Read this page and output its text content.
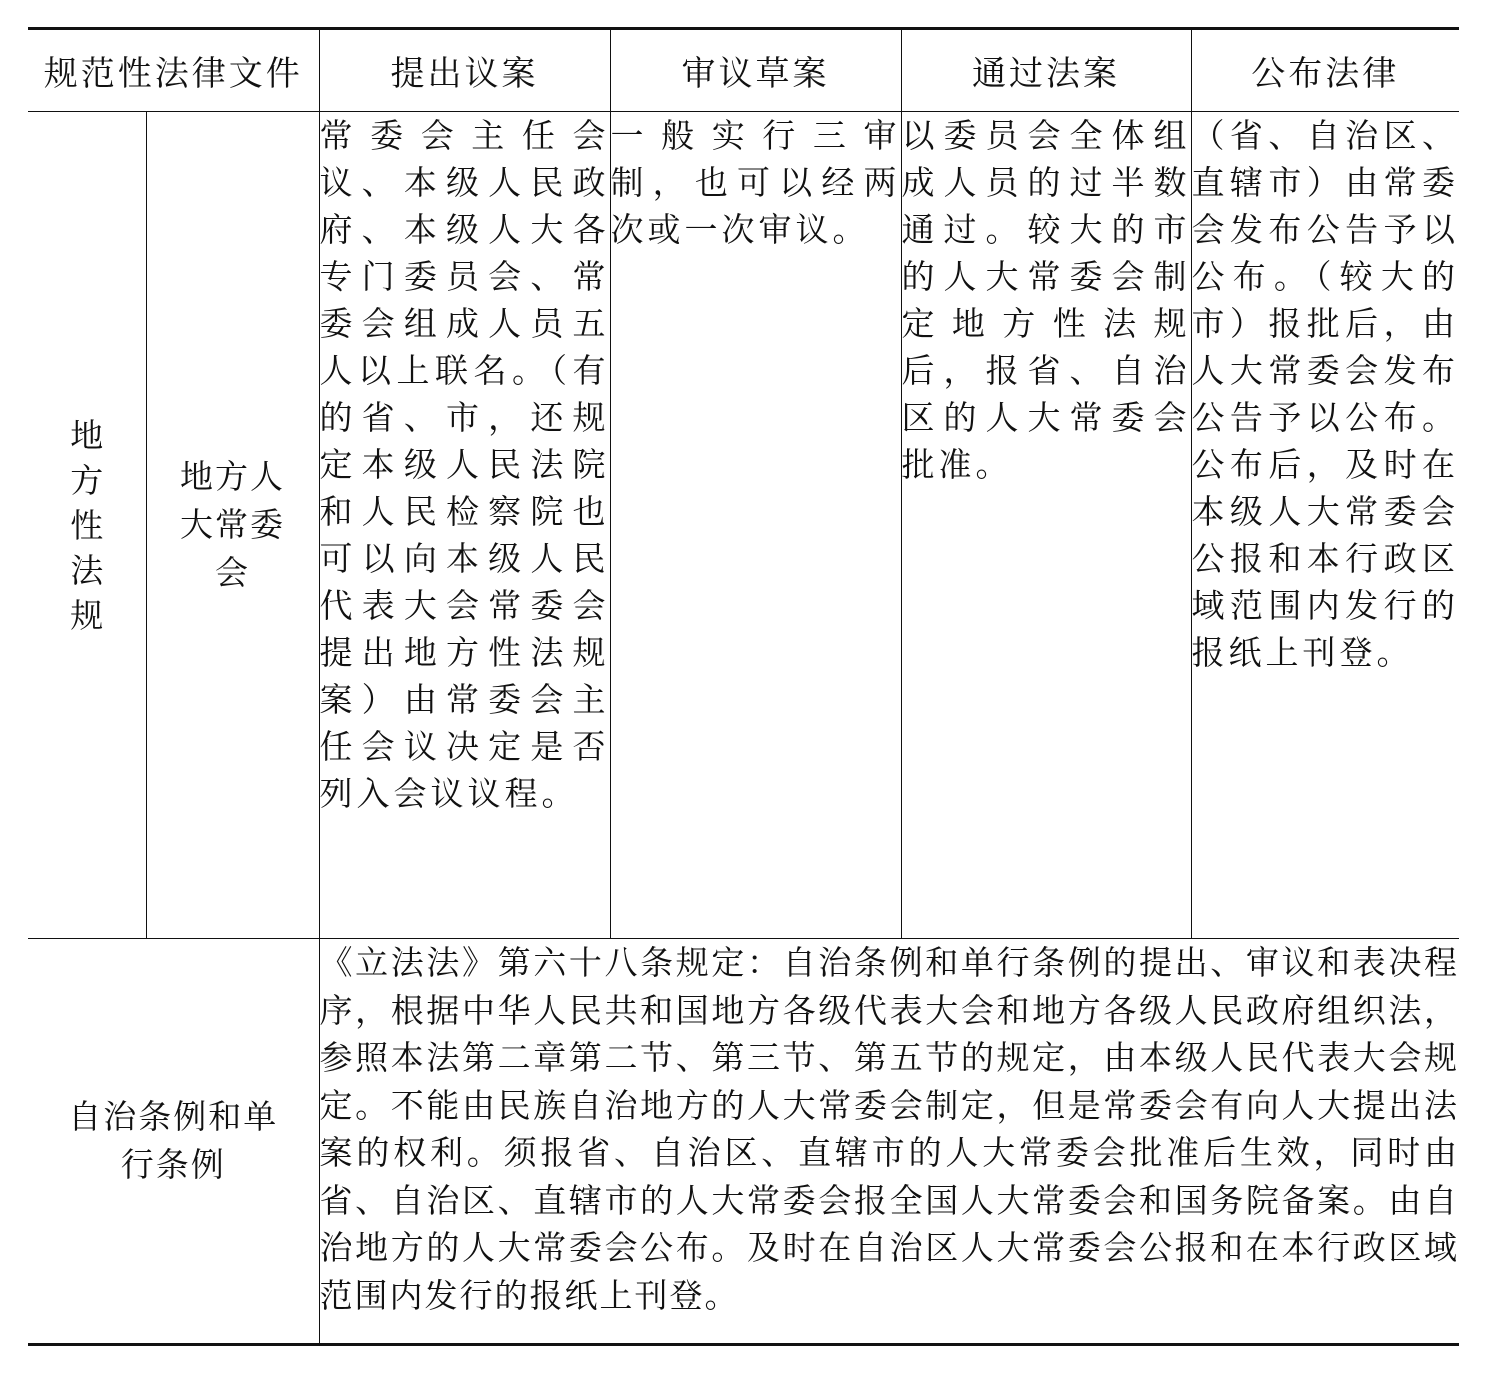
规范性法律文件		提出议案	审议草案	通过法案	公布法律
地方性法规	地方人大常委会	常委会主任会议、本级人民政府、本级人大各专门委员会、常委会组成人员五人以上联名。（有的省、市，还规定本级人民法院和人民检察院也可以向本级人民代表大会常委会提出地方性法规案）由常委会主任会议决定是否列入会议议程。	一般实行三审制，也可以经两次或一次审议。	以委员会全体组成人员的过半数通过。较大的市的人大常委会制定地方性法规后，报省、自治区的人大常委会批准。	（省、自治区、直辖市）由常委会发布公告予以公布。（较大的市）报批后，由人大常委会发布公告予以公布。公布后，及时在本级人大常委会公报和本行政区域范围内发行的报纸上刊登。

自治条例和单行条例		《立法法》第六十八条规定：自治条例和单行条例的提出、审议和表决程序，根据中华人民共和国地方各级代表大会和地方各级人民政府组织法，参照本法第二章第二节、第三节、第五节的规定，由本级人民代表大会规定。不能由民族自治地方的人大常委会制定，但是常委会有向人大提出法案的权利。须报省、自治区、直辖市的人大常委会批准后生效，同时由省、自治区、直辖市的人大常委会报全国人大常委会和国务院备案。由自治地方的人大常委会公布。及时在自治区人大常委会公报和在本行政区域范围内发行的报纸上刊登。			
